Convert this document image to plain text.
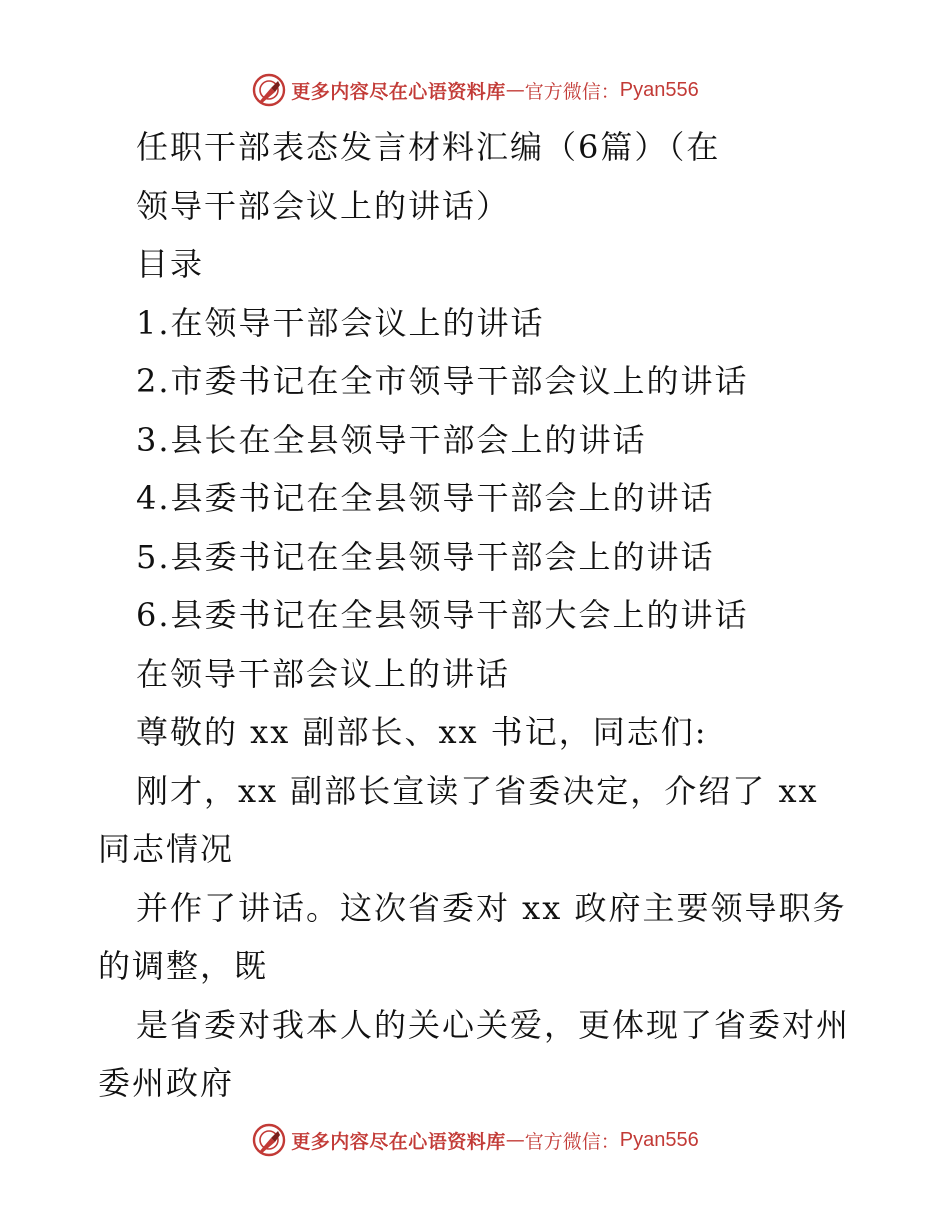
更多内容尽在心语资料库 — 官方微信： Pyan556
任职干部表态发言材料汇编（6篇）（在
领导干部会议上的讲话）
目录
1.在领导干部会议上的讲话
2.市委书记在全市领导干部会议上的讲话
3.县长在全县领导干部会上的讲话
4.县委书记在全县领导干部会上的讲话
5.县委书记在全县领导干部会上的讲话
6.县委书记在全县领导干部大会上的讲话
在领导干部会议上的讲话
尊敬的 xx 副部长、xx 书记，同志们:
刚才，xx 副部长宣读了省委决定，介绍了 xx
同志情况
并作了讲话。这次省委对 xx 政府主要领导职务
的调整，既
是省委对我本人的关心关爱，更体现了省委对州
委州政府
更多内容尽在心语资料库 — 官方微信： Pyan556
